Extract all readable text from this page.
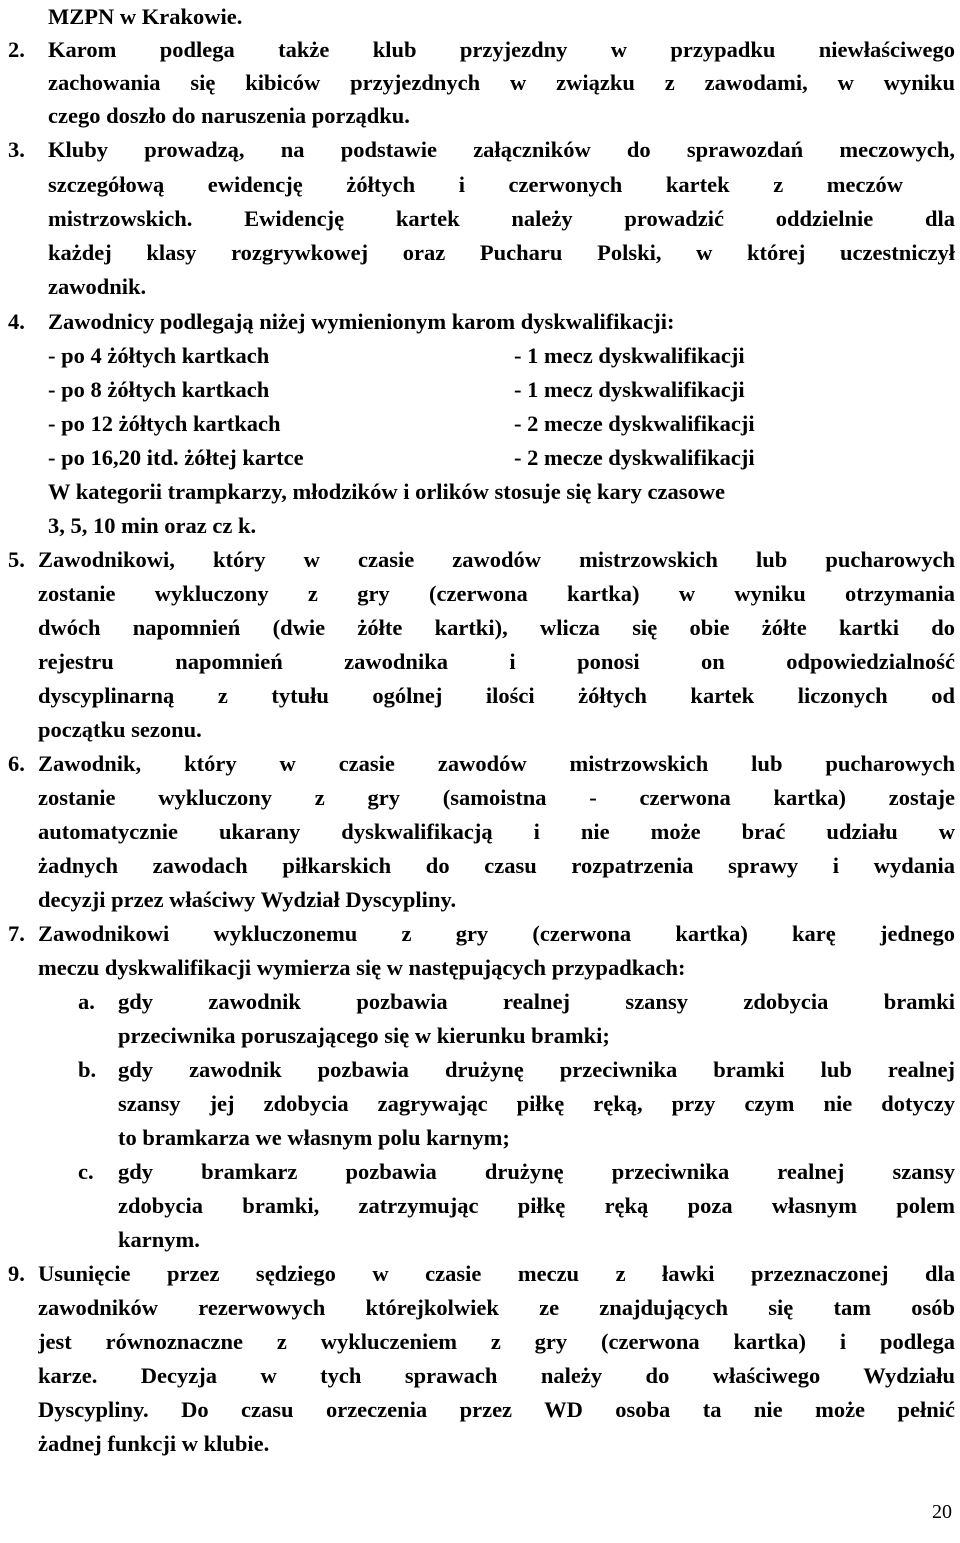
MZPN w Krakowie.
2. Karom podlega także klub przyjezdny w przypadku niewłaściwego
zachowania się kibiców przyjezdnych w związku z zawodami, w wyniku
czego doszło do naruszenia porządku.
3. Kluby prowadzą, na podstawie załączników do sprawozdań meczowych,
szczegółową ewidencję żółtych i czerwonych kartek z meczów
mistrzowskich. Ewidencję kartek należy prowadzić oddzielnie dla
każdej klasy rozgrywkowej oraz Pucharu Polski, w której uczestniczył
zawodnik.
4. Zawodnicy podlegają niżej wymienionym karom dyskwalifikacji:
- po 4 żółtych kartkach	- 1 mecz dyskwalifikacji
- po 8 żółtych kartkach	- 1 mecz dyskwalifikacji
- po 12 żółtych kartkach	- 2 mecze dyskwalifikacji
- po 16,20 itd. żółtej kartce	- 2 mecze dyskwalifikacji
W kategorii trampkarzy, młodzików i orlików stosuje się kary czasowe
3, 5, 10 min oraz cz k.
5. Zawodnikowi, który w czasie zawodów mistrzowskich lub pucharowych
zostanie wykluczony z gry (czerwona kartka) w wyniku otrzymania
dwóch napomnień (dwie żółte kartki), wlicza się obie żółte kartki do
rejestru napomnień zawodnika i ponosi on odpowiedzialność
dyscyplinarną z tytułu ogólnej ilości żółtych kartek liczonych od
początku sezonu.
6. Zawodnik, który w czasie zawodów mistrzowskich lub pucharowych
zostanie wykluczony z gry (samoistna - czerwona kartka) zostaje
automatycznie ukarany dyskwalifikacją i nie może brać udziału w
żadnych zawodach piłkarskich do czasu rozpatrzenia sprawy i wydania
decyzji przez właściwy Wydział Dyscypliny.
7. Zawodnikowi wykluczonemu z gry (czerwona kartka) karę jednego
meczu dyskwalifikacji wymierza się w następujących przypadkach:
a. gdy zawodnik pozbawia realnej szansy zdobycia bramki
przeciwnika poruszającego się w kierunku bramki;
b. gdy zawodnik pozbawia drużynę przeciwnika bramki lub realnej
szansy jej zdobycia zagrywając piłkę ręką, przy czym nie dotyczy
to bramkarza we własnym polu karnym;
c. gdy bramkarz pozbawia drużynę przeciwnika realnej szansy
zdobycia bramki, zatrzymując piłkę ręką poza własnym polem
karnym.
9. Usunięcie przez sędziego w czasie meczu z ławki przeznaczonej dla
zawodników rezerwowych którejkolwiek ze znajdujących się tam osób
jest równoznaczne z wykluczeniem z gry (czerwona kartka) i podlega
karze. Decyzja w tych sprawach należy do właściwego Wydziału
Dyscypliny. Do czasu orzeczenia przez WD osoba ta nie może pełnić
żadnej funkcji w klubie.
20
